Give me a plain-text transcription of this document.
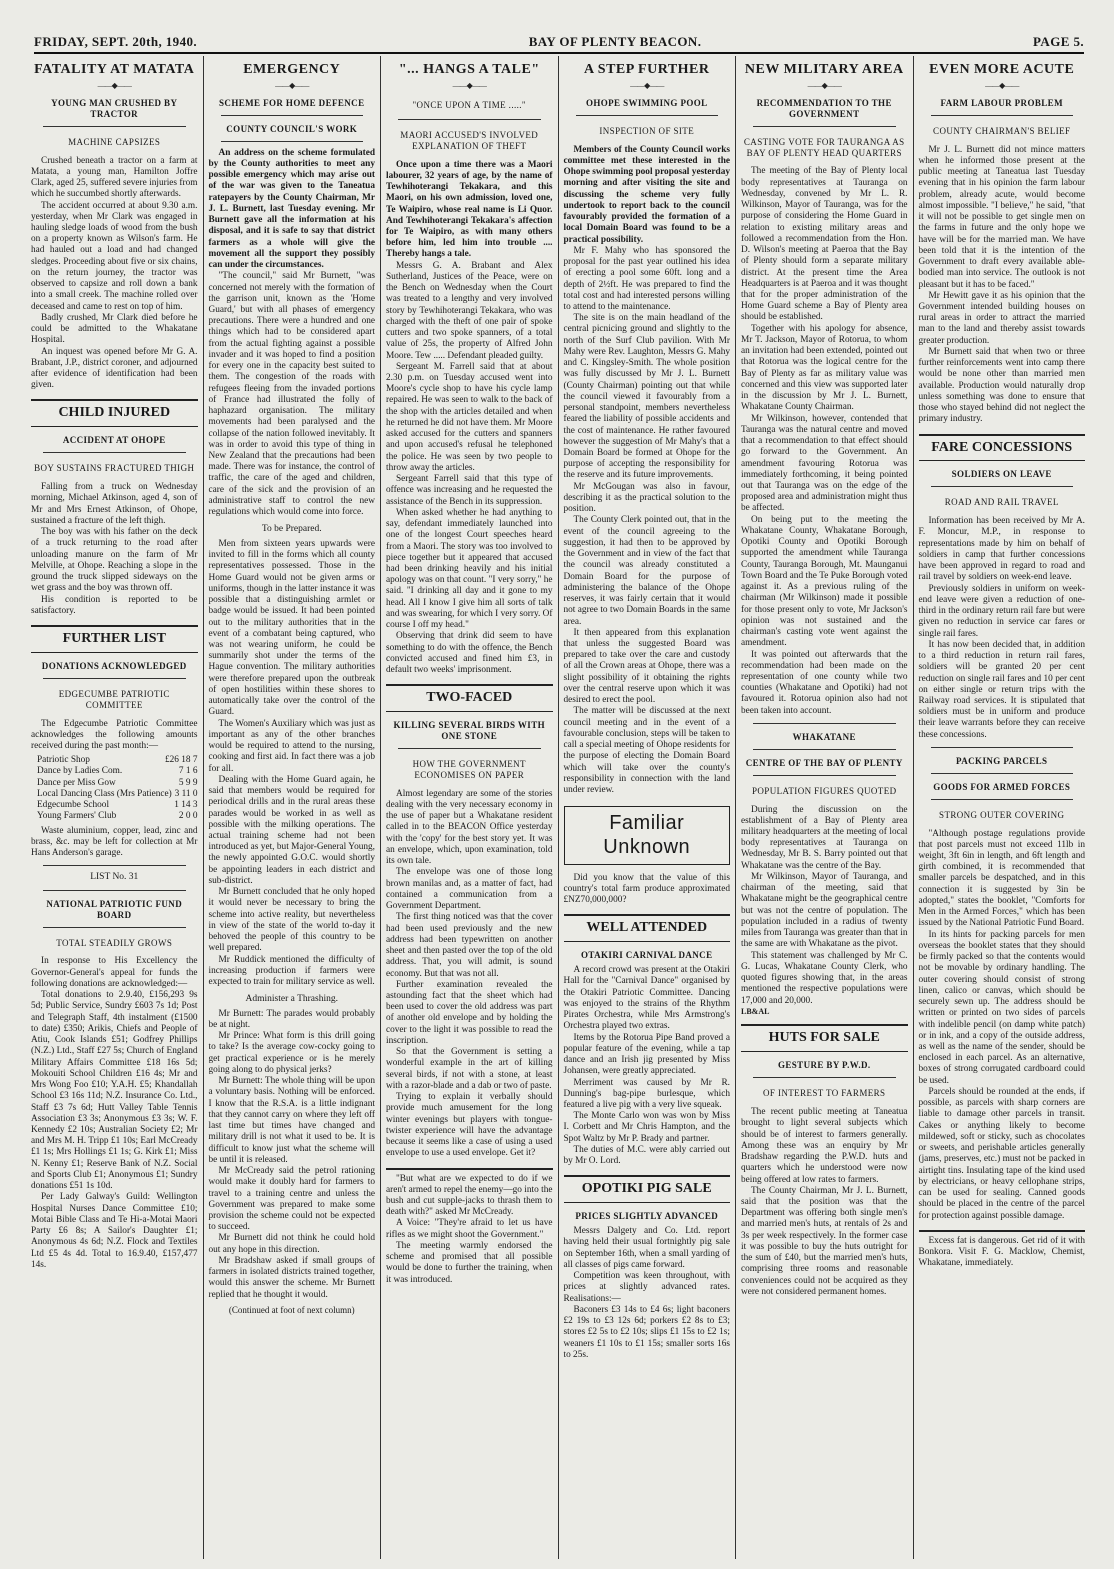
FRIDAY, SEPT. 20th, 1940.	BAY OF PLENTY BEACON.	PAGE 5.
FATALITY AT MATATA
——◆——
YOUNG MAN CRUSHED BY TRACTOR
MACHINE CAPSIZES

Crushed beneath a tractor on a farm at Matata, a young man, Hamilton Joffre Clark, aged 25, suffered severe injuries from which he succumbed shortly afterwards.

The accident occurred at about 9.30 a.m. yesterday, when Mr Clark was engaged in hauling sledge loads of wood from the bush on a property known as Wilson's farm. He had hauled out a load and had changed sledges. Proceeding about five or six chains, on the return journey, the tractor was observed to capsize and roll down a bank into a small creek. The machine rolled over deceased and came to rest on top of him.

Badly crushed, Mr Clark died before he could be admitted to the Whakatane Hospital.

An inquest was opened before Mr G. A. Brabant, J.P., district coroner, and adjourned after evidence of identification had been given.

CHILD INJURED
ACCIDENT AT OHOPE
BOY SUSTAINS FRACTURED THIGH

Falling from a truck on Wednesday morning, Michael Atkinson, aged 4, son of Mr and Mrs Ernest Atkinson, of Ohope, sustained a fracture of the left thigh.

The boy was with his father on the deck of a truck returning to the road after unloading manure on the farm of Mr Melville, at Ohope. Reaching a slope in the ground the truck slipped sideways on the wet grass and the boy was thrown off.

His condition is reported to be satisfactory.

FURTHER LIST
DONATIONS ACKNOWLEDGED
EDGECUMBE PATRIOTIC COMMITTEE

The Edgecumbe Patriotic Committee acknowledges the following amounts received during the past month:—

Patriotic Shop	£26 18 7
Dance by Ladies Com.	7 1 6
Dance per Miss Gow	5 9 9
Local Dancing Class (Mrs Patience) 3 11 0
Edgecumbe School	1 14 3
Young Farmers' Club	2 0 0

Waste aluminium, copper, lead, zinc and brass, &c. may be left for collection at Mr Hans Anderson's garage.

LIST No. 31
NATIONAL PATRIOTIC FUND BOARD
TOTAL STEADILY GROWS

In response to His Excellency the Governor-General's appeal for funds the following donations are acknowledged:—

Total donations to 2.9.40, £156,293 9s 5d; Public Service, Sundry £603 7s 1d; Post and Telegraph Staff, 4th instalment (£1500 to date) £350; Arikis, Chiefs and People of Atiu, Cook Islands £51; Godfrey Phillips (N.Z.) Ltd., Staff £27 5s; Church of England Military Affairs Committee £18 16s 5d; Mokouiti School Children £16 4s; Mr and Mrs Wong Foo £10; Y.A.H. £5; Khandallah School £3 16s 11d; N.Z. Insurance Co. Ltd., Staff £3 7s 6d; Hutt Valley Table Tennis Association £3 3s; Anonymous £3 3s; W. F. Kennedy £2 10s; Australian Society £2; Mr and Mrs M. H. Tripp £1 10s; Earl McCready £1 1s; Mrs Hollings £1 1s; G. Kirk £1; Miss N. Kenny £1; Reserve Bank of N.Z. Social and Sports Club £1; Anonymous £1; Sundry donations £51 1s 10d.

Per Lady Galway's Guild: Wellington Hospital Nurses Dance Committee £10; Motai Bible Class and Te Hi-a-Motai Maori Party £6 8s; A Sailor's Daughter £1; Anonymous 4s 6d; N.Z. Flock and Textiles Ltd £5 4s 4d. Total to 16.9.40, £157,477 14s.

EMERGENCY
——◆——
SCHEME FOR HOME DEFENCE
COUNTY COUNCIL'S WORK

An address on the scheme formulated by the County authorities to meet any possible emergency which may arise out of the war was given to the Taneatua ratepayers by the County Chairman, Mr J. L. Burnett, last Tuesday evening. Mr Burnett gave all the information at his disposal, and it is safe to say that district farmers as a whole will give the movement all the support they possibly can under the circumstances.

"The council," said Mr Burnett, "was concerned not merely with the formation of the garrison unit, known as the 'Home Guard,' but with all phases of emergency precautions. There were a hundred and one things which had to be considered apart from the actual fighting against a possible invader and it was hoped to find a position for every one in the capacity best suited to them. The congestion of the roads with refugees fleeing from the invaded portions of France had illustrated the folly of haphazard organisation. The military movements had been paralysed and the collapse of the nation followed inevitably. It was in order to avoid this type of thing in New Zealand that the precautions had been made. There was for instance, the control of traffic, the care of the aged and children, care of the sick and the provision of an administrative staff to control the new regulations which would come into force.

To be Prepared.

Men from sixteen years upwards were invited to fill in the forms which all county representatives possessed. Those in the Home Guard would not be given arms or uniforms, though in the latter instance it was possible that a distinguishing armlet or badge would be issued. It had been pointed out to the military authorities that in the event of a combatant being captured, who was not wearing uniform, he could be summarily shot under the terms of the Hague convention. The military authorities were therefore prepared upon the outbreak of open hostilities within these shores to automatically take over the control of the Guard.

The Women's Auxiliary which was just as important as any of the other branches would be required to attend to the nursing, cooking and first aid. In fact there was a job for all.

Dealing with the Home Guard again, he said that members would be required for periodical drills and in the rural areas these parades would be worked in as well as possible with the milking operations. The actual training scheme had not been introduced as yet, but Major-General Young, the newly appointed G.O.C. would shortly be appointing leaders in each district and sub-district.

Mr Burnett concluded that he only hoped it would never be necessary to bring the scheme into active reality, but nevertheless in view of the state of the world to-day it behoved the people of this country to be well prepared.

Mr Ruddick mentioned the difficulty of increasing production if farmers were expected to train for military service as well.

Administer a Thrashing.

Mr Burnett: The parades would probably be at night.

Mr Prince: What form is this drill going to take? Is the average cow-cocky going to get practical experience or is he merely going along to do physical jerks?

Mr Burnett: The whole thing will be upon a voluntary basis. Nothing will be enforced. I know that the R.S.A. is a little indignant that they cannot carry on where they left off last time but times have changed and military drill is not what it used to be. It is difficult to know just what the scheme will be until it is released.

Mr McCready said the petrol rationing would make it doubly hard for farmers to travel to a training centre and unless the Government was prepared to make some provision the scheme could not be expected to succeed.

Mr Burnett did not think he could hold out any hope in this direction.

Mr Bradshaw asked if small groups of farmers in isolated districts trained together, would this answer the scheme. Mr Burnett replied that he thought it would.

(Continued at foot of next column)
"... HANGS A TALE"
——◆——
"ONCE UPON A TIME ....."
MAORI ACCUSED'S INVOLVED EXPLANATION OF THEFT

Once upon a time there was a Maori labourer, 32 years of age, by the name of Tewhihoterangi Tekakara, and this Maori, on his own admission, loved one, Te Waipiro, whose real name is Li Quor. And Tewhihoterangi Tekakara's affection for Te Waipiro, as with many others before him, led him into trouble .... Thereby hangs a tale.

Messrs G. A. Brabant and Alex Sutherland, Justices of the Peace, were on the Bench on Wednesday when the Court was treated to a lengthy and very involved story by Tewhihoterangi Tekakara, who was charged with the theft of one pair of spoke cutters and two spoke spanners, of a total value of 25s, the property of Alfred John Moore. Tew ..... Defendant pleaded guilty.

Sergeant M. Farrell said that at about 2.30 p.m. on Tuesday accused went into Moore's cycle shop to have his cycle lamp repaired. He was seen to walk to the back of the shop with the articles detailed and when he returned he did not have them. Mr Moore asked accused for the cutters and spanners and upon accused's refusal he telephoned the police. He was seen by two people to throw away the articles.

Sergeant Farrell said that this type of offence was increasing and he requested the assistance of the Bench in its suppression.

When asked whether he had anything to say, defendant immediately launched into one of the longest Court speeches heard from a Maori. The story was too involved to piece together but it appeared that accused had been drinking heavily and his initial apology was on that count. "I very sorry," he said. "I drinking all day and it gone to my head. All I know I give him all sorts of talk and was swearing, for which I very sorry. Of course I off my head."

Observing that drink did seem to have something to do with the offence, the Bench convicted accused and fined him £3, in default two weeks' imprisonment.

TWO-FACED
KILLING SEVERAL BIRDS WITH ONE STONE
HOW THE GOVERNMENT ECONOMISES ON PAPER

Almost legendary are some of the stories dealing with the very necessary economy in the use of paper but a Whakatane resident called in to the BEACON Office yesterday with the 'copy' for the best story yet. It was an envelope, which, upon examination, told its own tale.

The envelope was one of those long brown manilas and, as a matter of fact, had contained a communication from a Government Department.

The first thing noticed was that the cover had been used previously and the new address had been typewritten on another sheet and then pasted over the top of the old address. That, you will admit, is sound economy. But that was not all.

Further examination revealed the astounding fact that the sheet which had been used to cover the old address was part of another old envelope and by holding the cover to the light it was possible to read the inscription.

So that the Government is setting a wonderful example in the art of killing several birds, if not with a stone, at least with a razor-blade and a dab or two of paste.

Trying to explain it verbally should provide much amusement for the long winter evenings but players with tongue-twister experience will have the advantage because it seems like a case of using a used envelope to use a used envelope. Get it?

"But what are we expected to do if we aren't armed to repel the enemy—go into the bush and cut supple-jacks to thrash them to death with?" asked Mr McCready.

A Voice: "They're afraid to let us have rifles as we might shoot the Government."

The meeting warmly endorsed the scheme and promised that all possible would be done to further the training, when it was introduced.

A STEP FURTHER
——◆——
OHOPE SWIMMING POOL
INSPECTION OF SITE

Members of the County Council works committee met these interested in the Ohope swimming pool proposal yesterday morning and after visiting the site and discussing the scheme very fully undertook to report back to the council favourably provided the formation of a local Domain Board was found to be a practical possibility.

Mr F. Mahy who has sponsored the proposal for the past year outlined his idea of erecting a pool some 60ft. long and a depth of 2½ft. He was prepared to find the total cost and had interested persons willing to attend to the maintenance.

The site is on the main headland of the central picnicing ground and slightly to the north of the Surf Club pavilion. With Mr Mahy were Rev. Laughton, Messrs G. Mahy and C. Kingsley-Smith. The whole position was fully discussed by Mr J. L. Burnett (County Chairman) pointing out that while the council viewed it favourably from a personal standpoint, members nevertheless feared the liability of possible accidents and the cost of maintenance. He rather favoured however the suggestion of Mr Mahy's that a Domain Board be formed at Ohope for the purpose of accepting the responsibility for the reserve and its future improvements.

Mr McGougan was also in favour, describing it as the practical solution to the position.

The County Clerk pointed out, that in the event of the council agreeing to the suggestion, it had then to be approved by the Government and in view of the fact that the council was already constituted a Domain Board for the purpose of administering the balance of the Ohope reserves, it was fairly certain that it would not agree to two Domain Boards in the same area.

It then appeared from this explanation that unless the suggested Board was prepared to take over the care and custody of all the Crown areas at Ohope, there was a slight possibility of it obtaining the rights over the central reserve upon which it was desired to erect the pool.

The matter will be discussed at the next council meeting and in the event of a favourable conclusion, steps will be taken to call a special meeting of Ohope residents for the purpose of electing the Domain Board which will take over the county's responsibility in connection with the land under review.

Familiar Unknown

Did you know that the value of this country's total farm produce approximated £NZ70,000,000?

WELL ATTENDED
OTAKIRI CARNIVAL DANCE

A record crowd was present at the Otakiri Hall for the "Carnival Dance" organised by the Otakiri Patriotic Committee. Dancing was enjoyed to the strains of the Rhythm Pirates Orchestra, while Mrs Armstrong's Orchestra played two extras.

Items by the Rotorua Pipe Band proved a popular feature of the evening, while a tap dance and an Irish jig presented by Miss Johansen, were greatly appreciated.

Merriment was caused by Mr R. Dunning's bag-pipe burlesque, which featured a live pig with a very live squeak.

The Monte Carlo won was won by Miss I. Corbett and Mr Chris Hampton, and the Spot Waltz by Mr P. Brady and partner.

The duties of M.C. were ably carried out by Mr O. Lord.

OPOTIKI PIG SALE
PRICES SLIGHTLY ADVANCED

Messrs Dalgety and Co. Ltd. report having held their usual fortnightly pig sale on September 16th, when a small yarding of all classes of pigs came forward.

Competition was keen throughout, with prices at slightly advanced rates. Realisations:—

Baconers £3 14s to £4 6s; light baconers £2 19s to £3 12s 6d; porkers £2 8s to £3; stores £2 5s to £2 10s; slips £1 15s to £2 1s; weaners £1 10s to £1 15s; smaller sorts 16s to 25s.

NEW MILITARY AREA
——◆——
RECOMMENDATION TO THE GOVERNMENT
CASTING VOTE FOR TAURANGA AS BAY OF PLENTY HEAD QUARTERS

The meeting of the Bay of Plenty local body representatives at Tauranga on Wednesday, convened by Mr L. R. Wilkinson, Mayor of Tauranga, was for the purpose of considering the Home Guard in relation to existing military areas and followed a recommendation from the Hon. D. Wilson's meeting at Paeroa that the Bay of Plenty should form a separate military district. At the present time the Area Headquarters is at Paeroa and it was thought that for the proper administration of the Home Guard scheme a Bay of Plenty area should be established.

Together with his apology for absence, Mr T. Jackson, Mayor of Rotorua, to whom an invitation had been extended, pointed out that Rotorua was the logical centre for the Bay of Plenty as far as military value was concerned and this view was supported later in the discussion by Mr J. L. Burnett, Whakatane County Chairman.

Mr Wilkinson, however, contended that Tauranga was the natural centre and moved that a recommendation to that effect should go forward to the Government. An amendment favouring Rotorua was immediately forthcoming, it being pointed out that Tauranga was on the edge of the proposed area and administration might thus be affected.

On being put to the meeting the Whakatane County, Whakatane Borough, Opotiki County and Opotiki Borough supported the amendment while Tauranga County, Tauranga Borough, Mt. Maunganui Town Board and the Te Puke Borough voted against it. As a previous ruling of the chairman (Mr Wilkinson) made it possible for those present only to vote, Mr Jackson's opinion was not sustained and the chairman's casting vote went against the amendment.

It was pointed out afterwards that the recommendation had been made on the representation of one county while two counties (Whakatane and Opotiki) had not favoured it. Rotorua opinion also had not been taken into account.

WHAKATANE
CENTRE OF THE BAY OF PLENTY
POPULATION FIGURES QUOTED

During the discussion on the establishment of a Bay of Plenty area military headquarters at the meeting of local body representatives at Tauranga on Wednesday, Mr B. S. Barry pointed out that Whakatane was the centre of the Bay.

Mr Wilkinson, Mayor of Tauranga, and chairman of the meeting, said that Whakatane might be the geographical centre but was not the centre of population. The population included in a radius of twenty miles from Tauranga was greater than that in the same are with Whakatane as the pivot.

This statement was challenged by Mr C. G. Lucas, Whakatane County Clerk, who quoted figures showing that, in the areas mentioned the respective populations were 17,000 and 20,000.

LB&AL

HUTS FOR SALE
GESTURE BY P.W.D.
OF INTEREST TO FARMERS

The recent public meeting at Taneatua brought to light several subjects which should be of interest to farmers generally. Among these was an enquiry by Mr Bradshaw regarding the P.W.D. huts and quarters which he understood were now being offered at low rates to farmers.

The County Chairman, Mr J. L. Burnett, said that the position was that the Department was offering both single men's and married men's huts, at rentals of 2s and 3s per week respectively. In the former case it was possible to buy the huts outright for the sum of £40, but the married men's huts, comprising three rooms and reasonable conveniences could not be acquired as they were not considered permanent homes.

EVEN MORE ACUTE
——◆——
FARM LABOUR PROBLEM
COUNTY CHAIRMAN'S BELIEF

Mr J. L. Burnett did not mince matters when he informed those present at the public meeting at Taneatua last Tuesday evening that in his opinion the farm labour problem, already acute, would become almost impossible. "I believe," he said, "that it will not be possible to get single men on the farms in future and the only hope we have will be for the married man. We have been told that it is the intention of the Government to draft every available able-bodied man into service. The outlook is not pleasant but it has to be faced."

Mr Hewitt gave it as his opinion that the Government intended building houses on rural areas in order to attract the married man to the land and thereby assist towards greater production.

Mr Burnett said that when two or three further reinforcements went into camp there would be none other than married men available. Production would naturally drop unless something was done to ensure that those who stayed behind did not neglect the primary industry.

FARE CONCESSIONS
SOLDIERS ON LEAVE
ROAD AND RAIL TRAVEL

Information has been received by Mr A. F. Moncur, M.P., in response to representations made by him on behalf of soldiers in camp that further concessions have been approved in regard to road and rail travel by soldiers on week-end leave.

Previously soldiers in uniform on week-end leave were given a reduction of one-third in the ordinary return rail fare but were given no reduction in service car fares or single rail fares.

It has now been decided that, in addition to a third reduction in return rail fares, soldiers will be granted 20 per cent reduction on single rail fares and 10 per cent on either single or return trips with the Railway road services. It is stipulated that soldiers must be in uniform and produce their leave warrants before they can receive these concessions.

PACKING PARCELS
GOODS FOR ARMED FORCES
STRONG OUTER COVERING

"Although postage regulations provide that post parcels must not exceed 11lb in weight, 3ft 6in in length, and 6ft length and girth combined, it is recommended that smaller parcels be despatched, and in this connection it is suggested by 3in be adopted," states the booklet, "Comforts for Men in the Armed Forces," which has been issued by the National Patriotic Fund Board.

In its hints for packing parcels for men overseas the booklet states that they should be firmly packed so that the contents would not be movable by ordinary handling. The outer covering should consist of strong linen, calico or canvas, which should be securely sewn up. The address should be written or printed on two sides of parcels with indelible pencil (on damp white patch) or in ink, and a copy of the outside address, as well as the name of the sender, should be enclosed in each parcel. As an alternative, boxes of strong corrugated cardboard could be used.

Parcels should be rounded at the ends, if possible, as parcels with sharp corners are liable to damage other parcels in transit. Cakes or anything likely to become mildewed, soft or sticky, such as chocolates or sweets, and perishable articles generally (jams, preserves, etc.) must not be packed in airtight tins. Insulating tape of the kind used by electricians, or heavy cellophane strips, can be used for sealing. Canned goods should be placed in the centre of the parcel for protection against possible damage.

Excess fat is dangerous. Get rid of it with Bonkora. Visit F. G. Macklow, Chemist, Whakatane, immediately.
